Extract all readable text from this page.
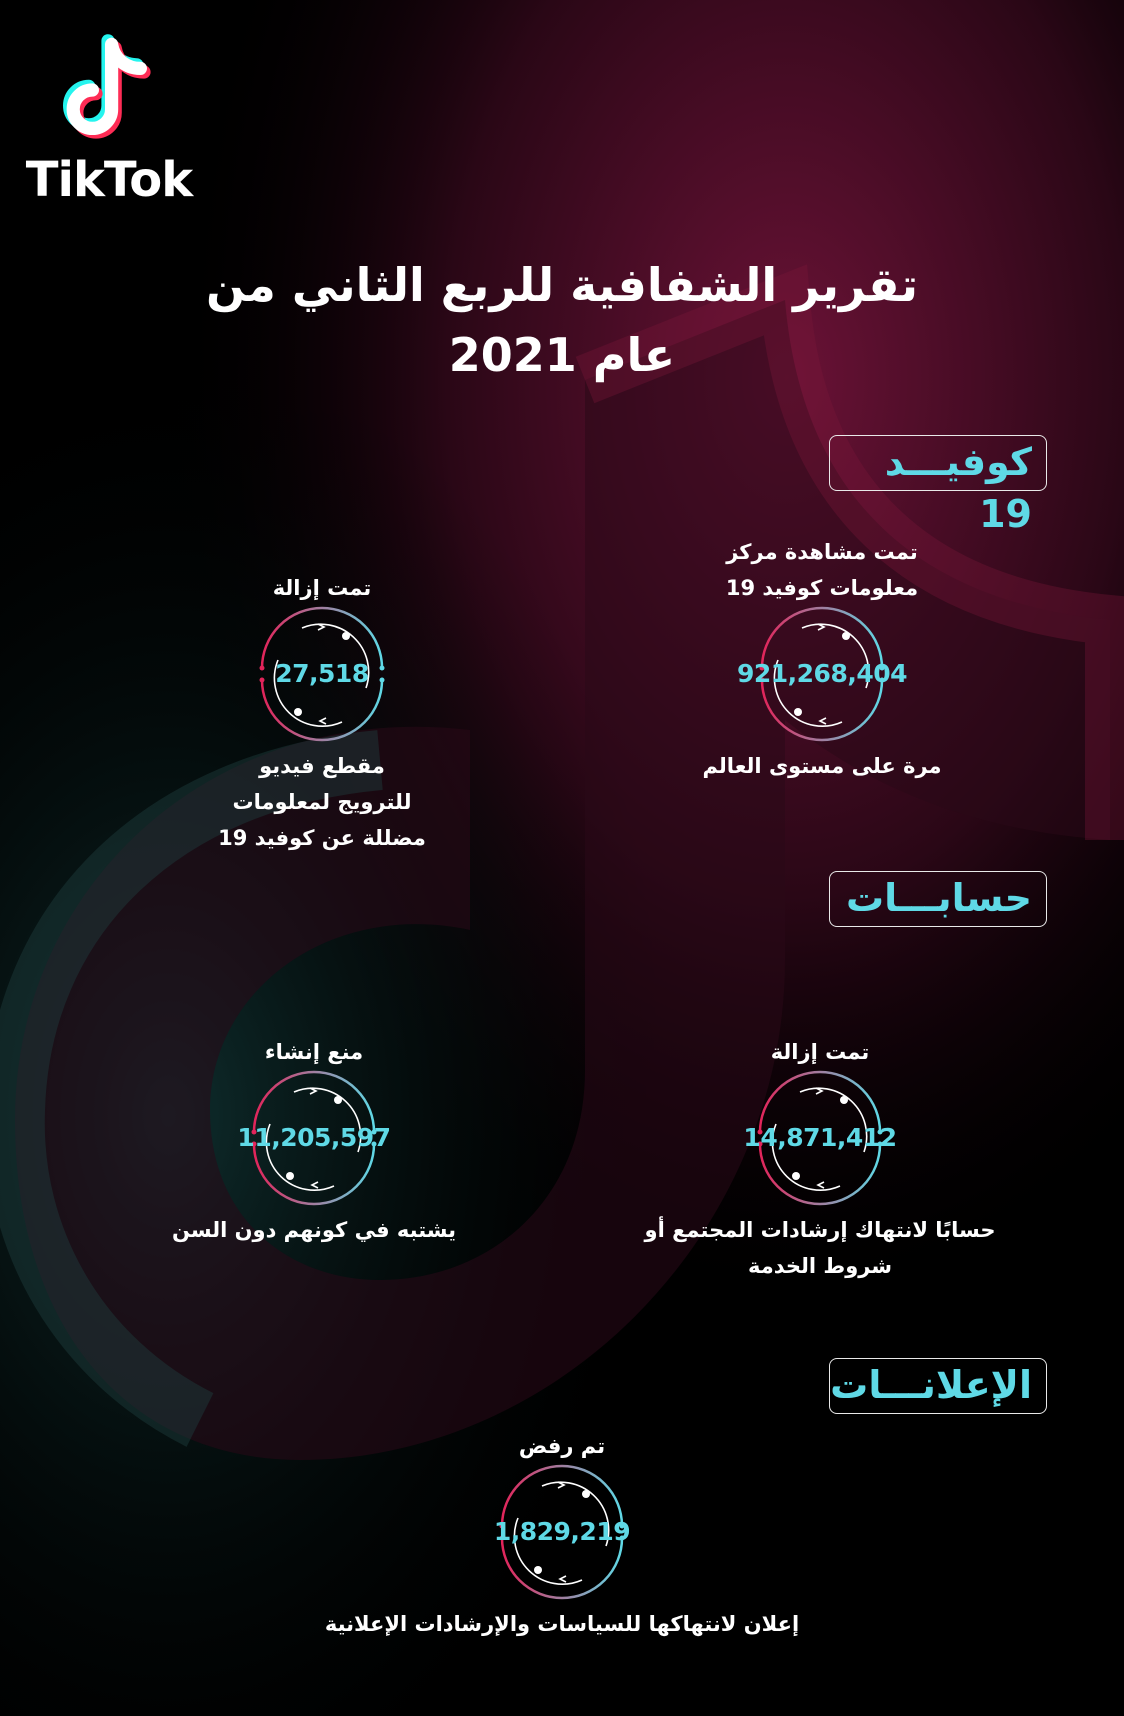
TikTok
تقرير الشفافية للربع الثاني من
عام 2021
كوفيـــد 19
حسابـــات
الإعلانـــات
تمت مشاهدة مركز
معلومات كوفيد 19
921,268,404
مرة على مستوى العالم
تمت إزالة
27,518
مقطع فيديو
للترويج لمعلومات
مضللة عن كوفيد 19
تمت إزالة
14,871,412
حسابًا لانتهاك إرشادات المجتمع أو
شروط الخدمة
منع إنشاء
11,205,597
يشتبه في كونهم دون السن
تم رفض
1,829,219
إعلان لانتهاكها للسياسات والإرشادات الإعلانية
